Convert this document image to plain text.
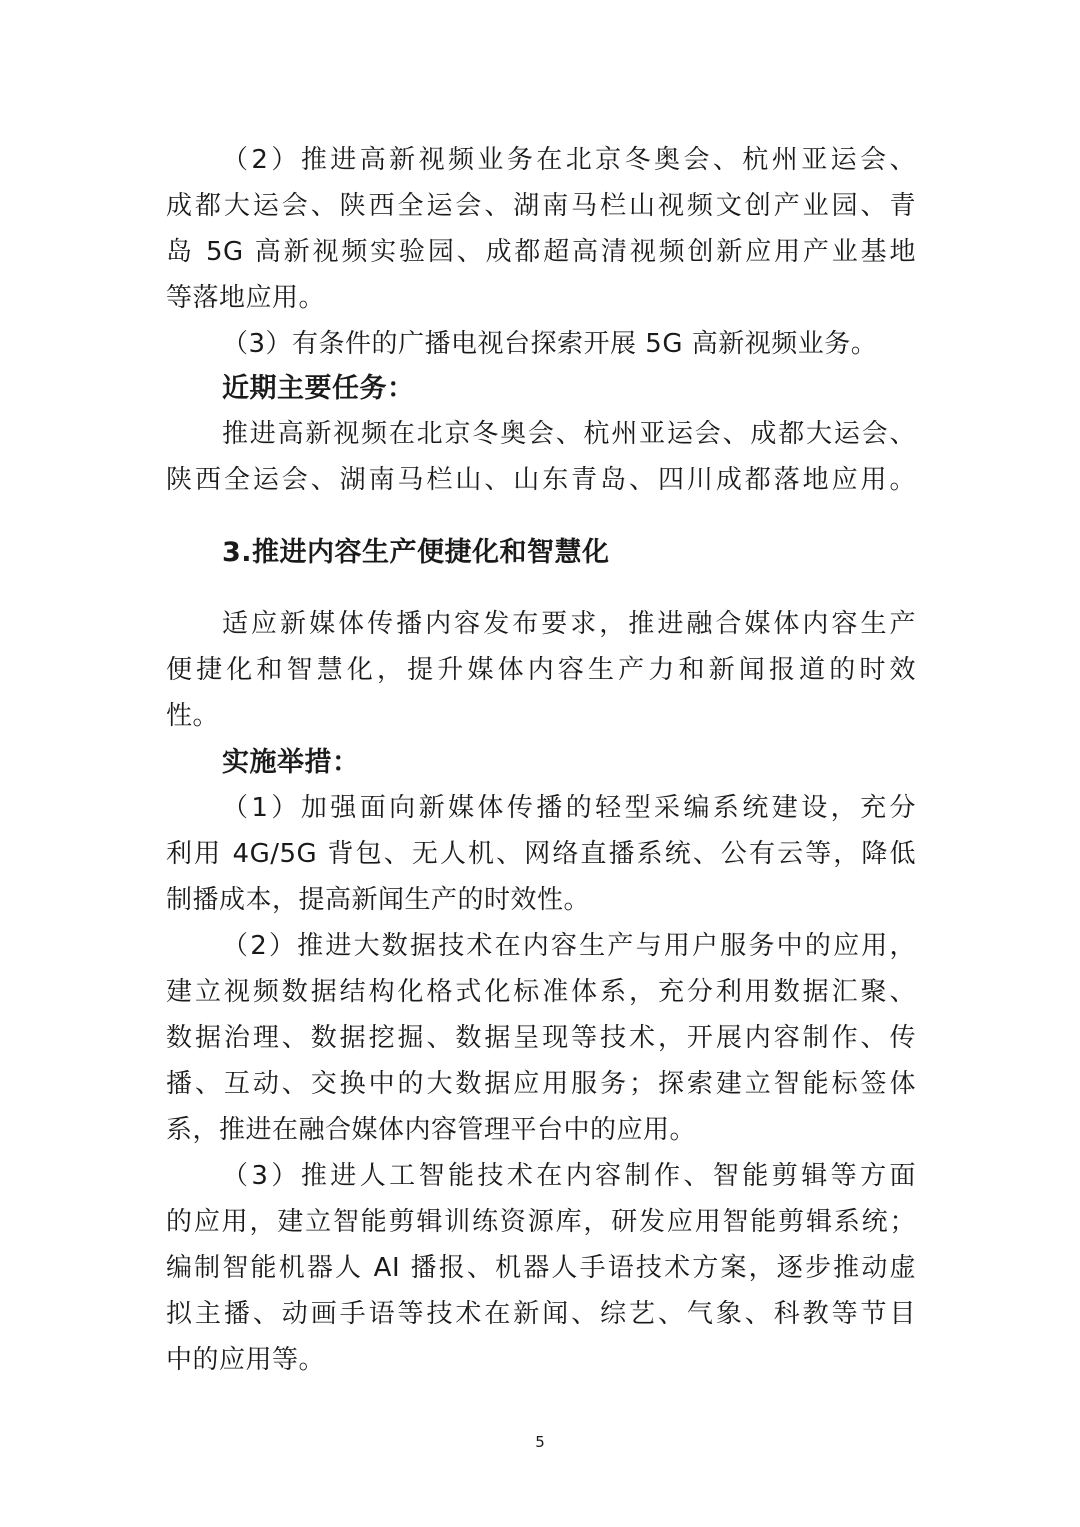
（2）推进高新视频业务在北京冬奥会、杭州亚运会、
成都大运会、陕西全运会、湖南马栏山视频文创产业园、青
岛 5G 高新视频实验园、成都超高清视频创新应用产业基地
等落地应用。
（3）有条件的广播电视台探索开展 5G 高新视频业务。
近期主要任务：
推进高新视频在北京冬奥会、杭州亚运会、成都大运会、
陕西全运会、湖南马栏山、山东青岛、四川成都落地应用。
3.推进内容生产便捷化和智慧化
适应新媒体传播内容发布要求，推进融合媒体内容生产
便捷化和智慧化，提升媒体内容生产力和新闻报道的时效
性。
实施举措：
（1）加强面向新媒体传播的轻型采编系统建设，充分
利用 4G/5G 背包、无人机、网络直播系统、公有云等，降低
制播成本，提高新闻生产的时效性。
（2）推进大数据技术在内容生产与用户服务中的应用，
建立视频数据结构化格式化标准体系，充分利用数据汇聚、
数据治理、数据挖掘、数据呈现等技术，开展内容制作、传
播、互动、交换中的大数据应用服务；探索建立智能标签体
系，推进在融合媒体内容管理平台中的应用。
（3）推进人工智能技术在内容制作、智能剪辑等方面
的应用，建立智能剪辑训练资源库，研发应用智能剪辑系统；
编制智能机器人 AI 播报、机器人手语技术方案，逐步推动虚
拟主播、动画手语等技术在新闻、综艺、气象、科教等节目
中的应用等。
5
